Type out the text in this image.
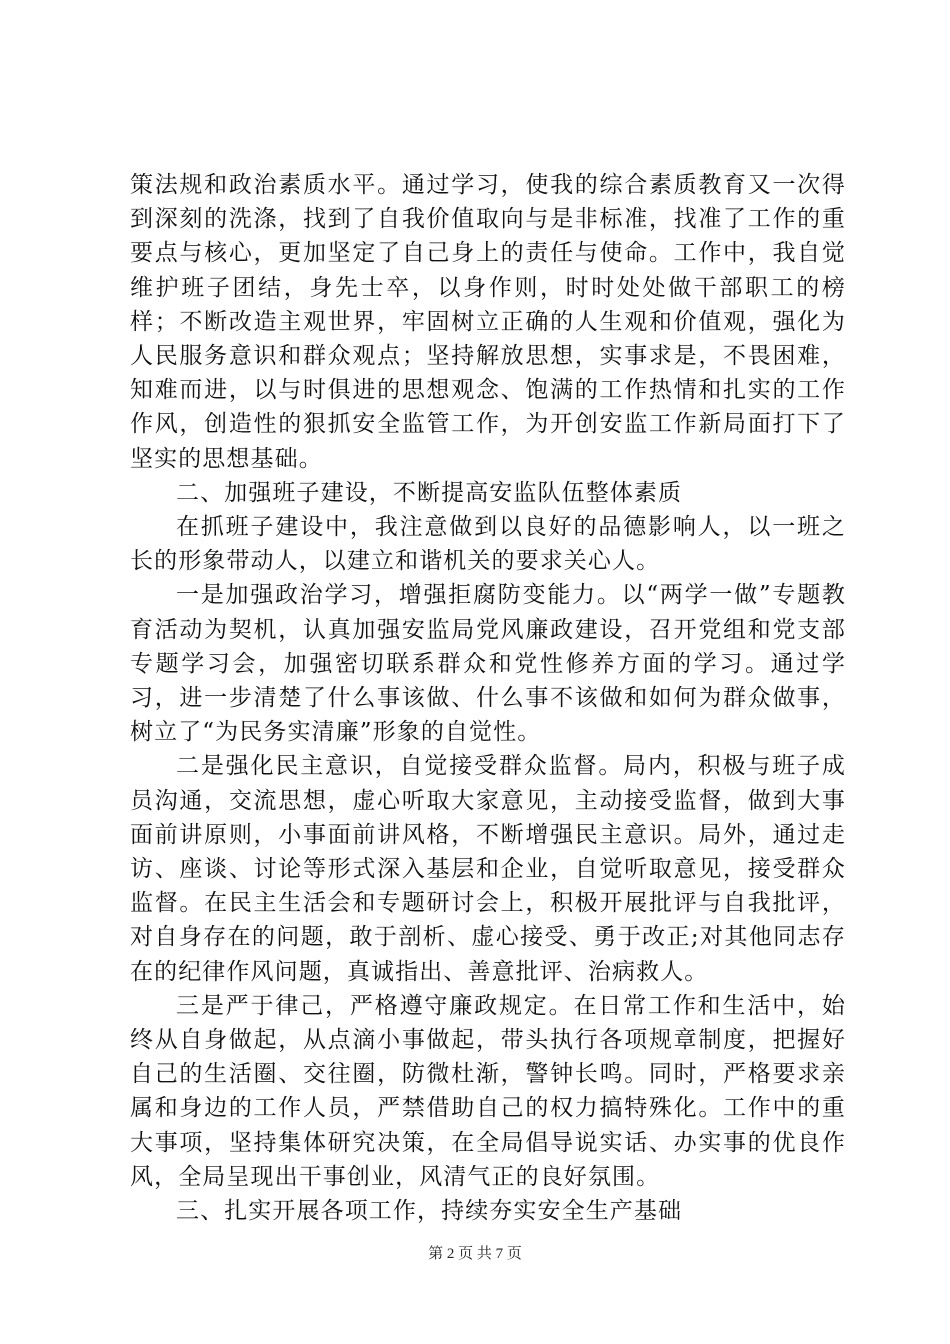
策法规和政治素质水平。通过学习，使我的综合素质教育又一次得到深刻的洗涤，找到了自我价值取向与是非标准，找准了工作的重要点与核心，更加坚定了自己身上的责任与使命。工作中，我自觉维护班子团结，身先士卒，以身作则，时时处处做干部职工的榜样；不断改造主观世界，牢固树立正确的人生观和价值观，强化为人民服务意识和群众观点；坚持解放思想，实事求是，不畏困难，知难而进，以与时俱进的思想观念、饱满的工作热情和扎实的工作作风，创造性的狠抓安全监管工作，为开创安监工作新局面打下了坚实的思想基础。

二、加强班子建设，不断提高安监队伍整体素质

在抓班子建设中，我注意做到以良好的品德影响人，以一班之长的形象带动人，以建立和谐机关的要求关心人。

一是加强政治学习，增强拒腐防变能力。以“两学一做”专题教育活动为契机，认真加强安监局党风廉政建设，召开党组和党支部专题学习会，加强密切联系群众和党性修养方面的学习。通过学习，进一步清楚了什么事该做、什么事不该做和如何为群众做事，树立了“为民务实清廉”形象的自觉性。

二是强化民主意识，自觉接受群众监督。局内，积极与班子成员沟通，交流思想，虚心听取大家意见，主动接受监督，做到大事面前讲原则，小事面前讲风格，不断增强民主意识。局外，通过走访、座谈、讨论等形式深入基层和企业，自觉听取意见，接受群众监督。在民主生活会和专题研讨会上，积极开展批评与自我批评，对自身存在的问题，敢于剖析、虚心接受、勇于改正;对其他同志存在的纪律作风问题，真诚指出、善意批评、治病救人。

三是严于律己，严格遵守廉政规定。在日常工作和生活中，始终从自身做起，从点滴小事做起，带头执行各项规章制度，把握好自己的生活圈、交往圈，防微杜渐，警钟长鸣。同时，严格要求亲属和身边的工作人员，严禁借助自己的权力搞特殊化。工作中的重大事项，坚持集体研究决策，在全局倡导说实话、办实事的优良作风，全局呈现出干事创业，风清气正的良好氛围。

三、扎实开展各项工作，持续夯实安全生产基础

第 2 页 共 7 页
